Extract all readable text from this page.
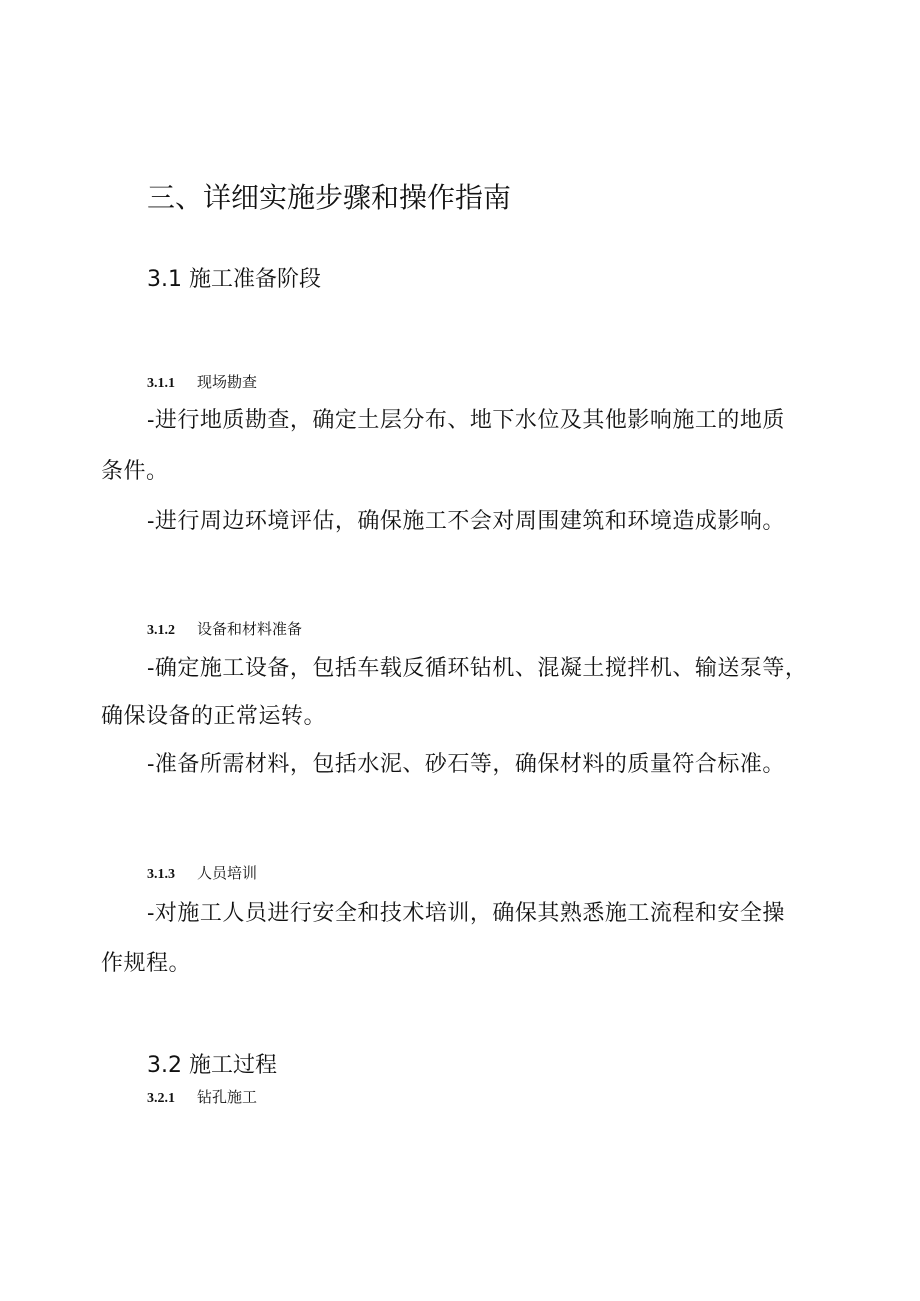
三、详细实施步骤和操作指南
3.1 施工准备阶段
3.1.1 现场勘查
-进行地质勘查，确定土层分布、地下水位及其他影响施工的地质
条件。
-进行周边环境评估，确保施工不会对周围建筑和环境造成影响。
3.1.2 设备和材料准备
-确定施工设备，包括车载反循环钻机、混凝土搅拌机、输送泵等，
确保设备的正常运转。
-准备所需材料，包括水泥、砂石等，确保材料的质量符合标准。
3.1.3 人员培训
-对施工人员进行安全和技术培训，确保其熟悉施工流程和安全操
作规程。
3.2 施工过程
3.2.1 钻孔施工
